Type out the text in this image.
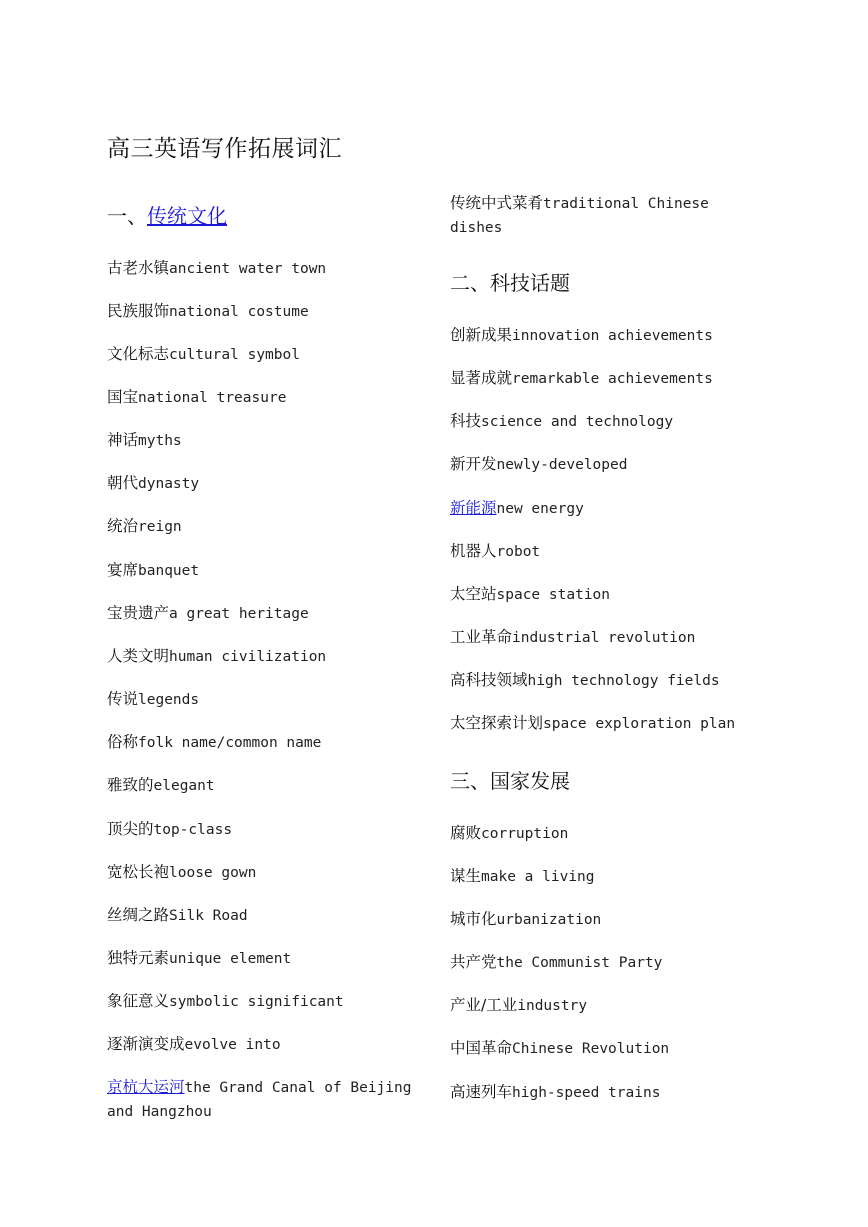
高三英语写作拓展词汇
一、传统文化
古老水镇ancient water town
民族服饰national costume
文化标志cultural symbol
国宝national treasure
神话myths
朝代dynasty
统治reign
宴席banquet
宝贵遗产a great heritage
人类文明human civilization
传说legends
俗称folk name/common name
雅致的elegant
顶尖的top-class
宽松长袍loose gown
丝绸之路Silk Road
独特元素unique element
象征意义symbolic significant
逐渐演变成evolve into
京杭大运河the Grand Canal of Beijing and Hangzhou
传统中式菜肴traditional Chinese dishes
二、科技话题
创新成果innovation achievements
显著成就remarkable achievements
科技science and technology
新开发newly-developed
新能源new energy
机器人robot
太空站space station
工业革命industrial revolution
高科技领域high technology fields
太空探索计划space exploration plan
三、国家发展
腐败corruption
谋生make a living
城市化urbanization
共产党the Communist Party
产业/工业industry
中国革命Chinese Revolution
高速列车high-speed trains
